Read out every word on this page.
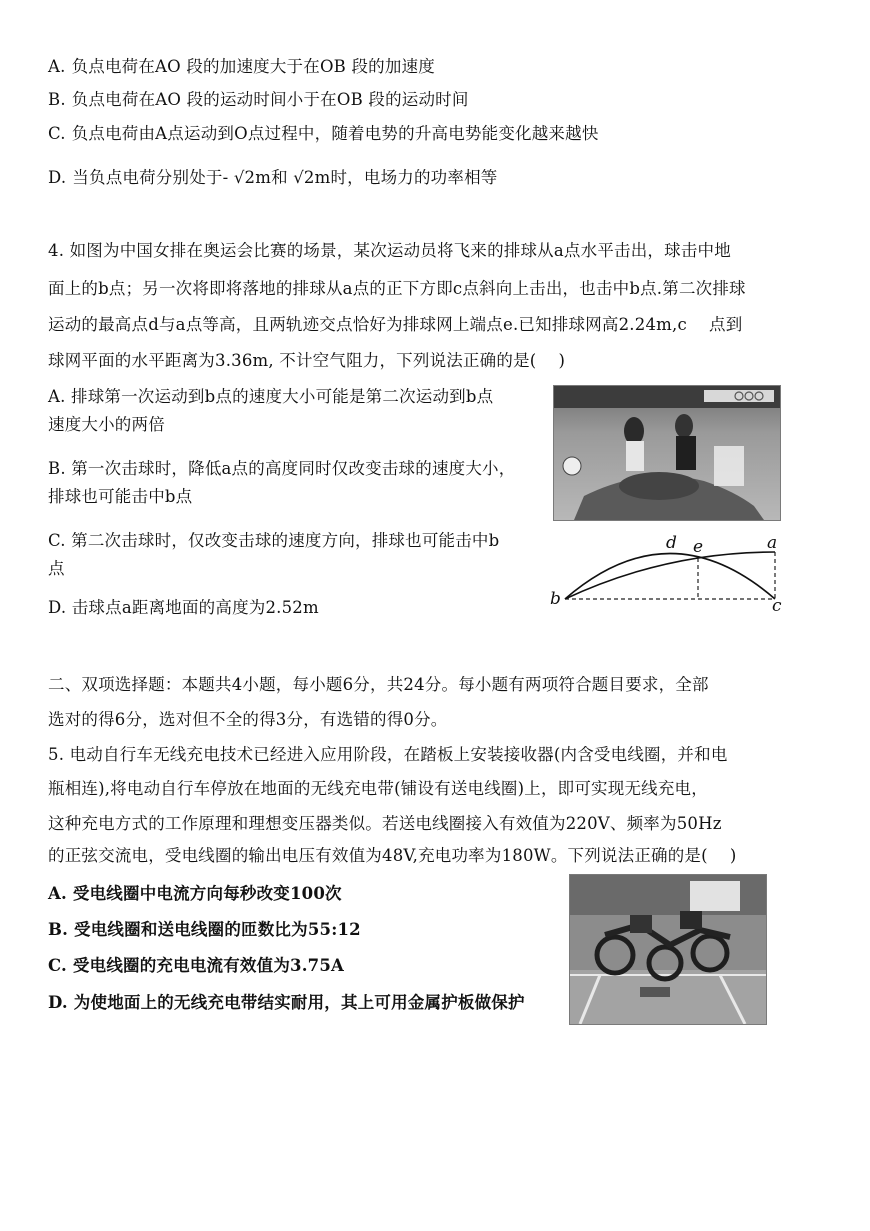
A. 负点电荷在AO 段的加速度大于在OB 段的加速度
B. 负点电荷在AO 段的运动时间小于在OB 段的运动时间
C. 负点电荷由A点运动到O点过程中，随着电势的升高电势能变化越来越快
D. 当负点电荷分别处于- √2m和 √2m时，电场力的功率相等
4. 如图为中国女排在奥运会比赛的场景，某次运动员将飞来的排球从a点水平击出，球击中地
面上的b点；另一次将即将落地的排球从a点的正下方即c点斜向上击出，也击中b点.第二次排球
运动的最高点d与a点等高，且两轨迹交点恰好为排球网上端点e.已知排球网高2.24m,c　 点到
球网平面的水平距离为3.36m, 不计空气阻力，下列说法正确的是(　 )
A. 排球第一次运动到b点的速度大小可能是第二次运动到b点
速度大小的两倍
B. 第一次击球时，降低a点的高度同时仅改变击球的速度大小，
排球也可能击中b点
C. 第二次击球时，仅改变击球的速度方向，排球也可能击中b
点
D. 击球点a距离地面的高度为2.52m
d e	a
b	c
二、双项选择题：本题共4小题，每小题6分，共24分。每小题有两项符合题目要求，全部
选对的得6分，选对但不全的得3分，有选错的得0分。
5. 电动自行车无线充电技术已经进入应用阶段，在踏板上安装接收器(内含受电线圈，并和电
瓶相连),将电动自行车停放在地面的无线充电带(铺设有送电线圈)上，即可实现无线充电，
这种充电方式的工作原理和理想变压器类似。若送电线圈接入有效值为220V、频率为50Hz
的正弦交流电，受电线圈的输出电压有效值为48V,充电功率为180W。下列说法正确的是(　 )
A. 受电线圈中电流方向每秒改变100次
B. 受电线圈和送电线圈的匝数比为55:12
C. 受电线圈的充电电流有效值为3.75A
D. 为使地面上的无线充电带结实耐用，其上可用金属护板做保护
